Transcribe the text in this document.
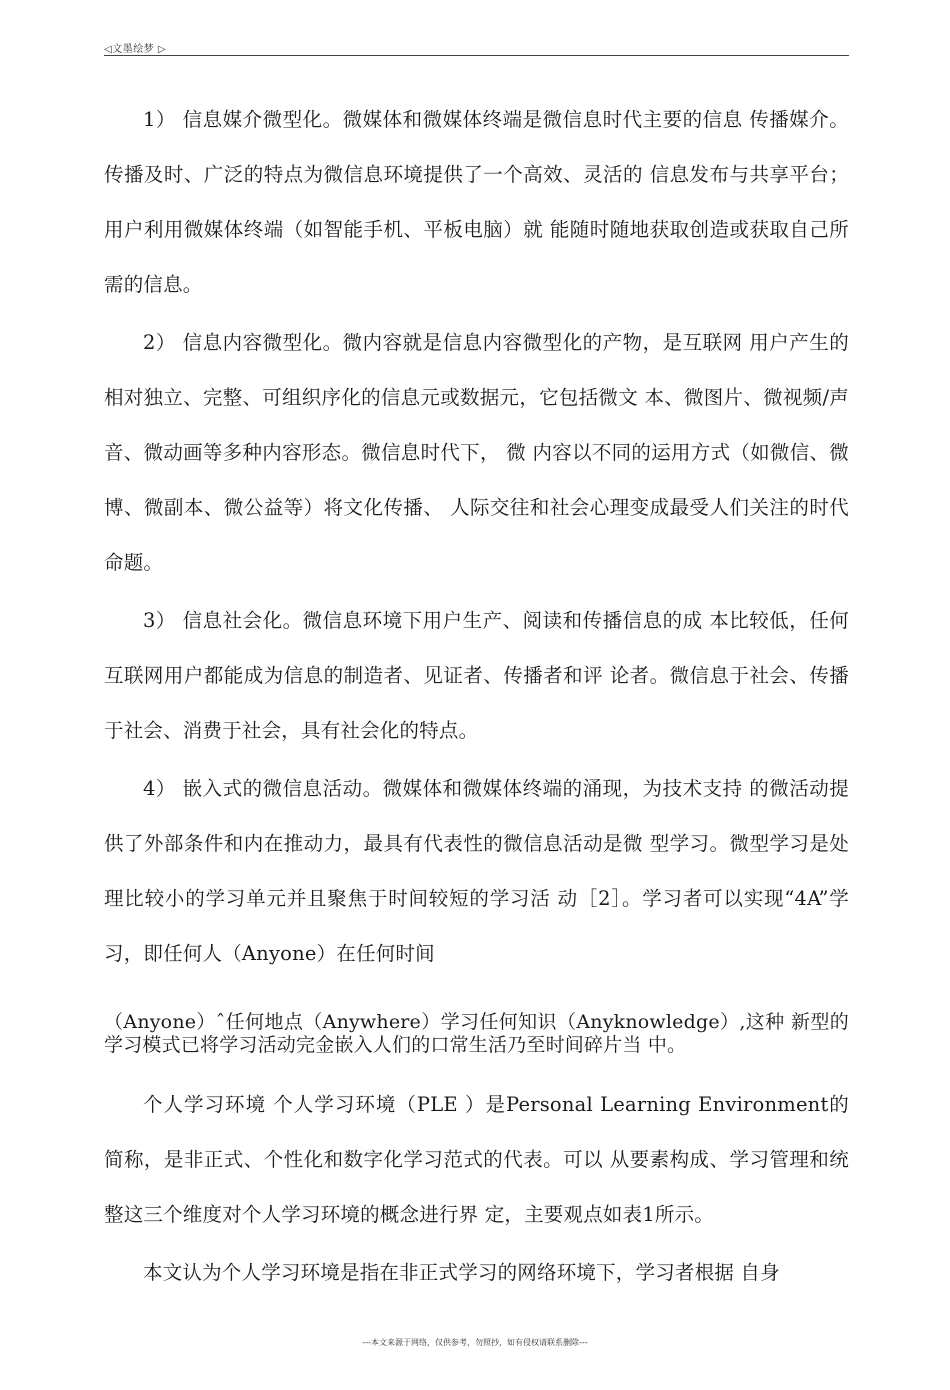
◁文墨绘梦 ▷

1） 信息媒介微型化。微媒体和微媒体终端是微信息时代主要的信息 传播媒介。传播及时、广泛的特点为微信息环境提供了一个高效、灵活的 信息发布与共享平台；用户利用微媒体终端（如智能手机、平板电脑）就 能随时随地获取创造或获取自己所需的信息。

2） 信息内容微型化。微内容就是信息内容微型化的产物，是互联网 用户产生的相对独立、完整、可组织序化的信息元或数据元，它包括微文 本、微图片、微视频/声音、微动画等多种内容形态。微信息时代下， 微 内容以不同的运用方式（如微信、微博、微副本、微公益等）将文化传播、 人际交往和社会心理变成最受人们关注的时代命题。

3） 信息社会化。微信息环境下用户生产、阅读和传播信息的成 本比较低，任何互联网用户都能成为信息的制造者、见证者、传播者和评 论者。微信息于社会、传播于社会、消费于社会，具有社会化的特点。

4） 嵌入式的微信息活动。微媒体和微媒体终端的涌现，为技术支持 的微活动提供了外部条件和内在推动力，最具有代表性的微信息活动是微 型学习。微型学习是处理比较小的学习单元并且聚焦于时间较短的学习活 动［2］。学习者可以实现“4A”学习，即任何人（Anyone）在任何时间

（Anyone）ˆ任何地点（Anywhere）学习任何知识（Anyknowledge）,这种 新型的学习模式已将学习活动完金嵌入人们的口常生活乃至时间碎片当 中。

个人学习环境 个人学习环境（PLE ）是Personal Learning Environment的简称，是非正式、个性化和数字化学习范式的代表。可以 从要素构成、学习管理和统整这三个维度对个人学习环境的概念进行界 定，主要观点如表1所示。

本文认为个人学习环境是指在非正式学习的网络环境下，学习者根据 自身

---本文来源于网络，仅供参考，勿照抄，如有侵权请联系删除---
